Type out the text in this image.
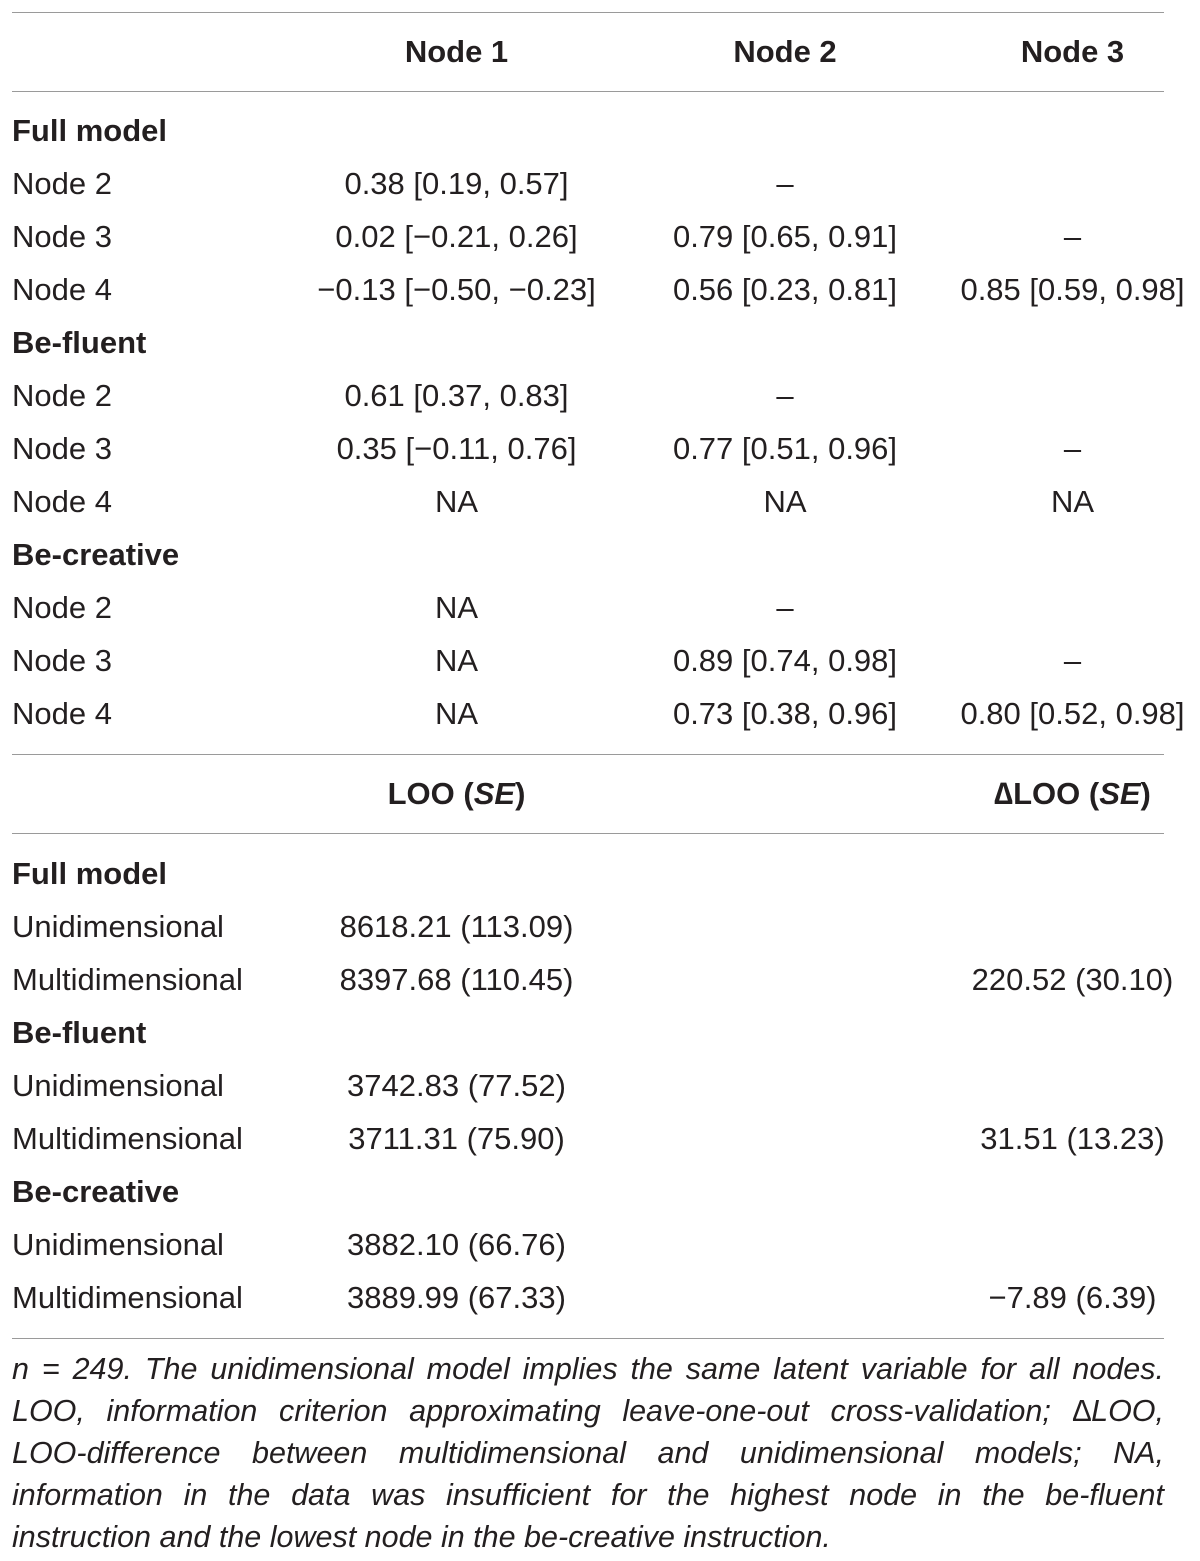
Node 1	Node 2	Node 3
Full model
Node 2	0.38 [0.19, 0.57]	–
Node 3	0.02 [−0.21, 0.26]	0.79 [0.65, 0.91]	–
Node 4	−0.13 [−0.50, −0.23]	0.56 [0.23, 0.81]	0.85 [0.59, 0.98]
Be-fluent
Node 2	0.61 [0.37, 0.83]	–
Node 3	0.35 [−0.11, 0.76]	0.77 [0.51, 0.96]	–
Node 4	NA	NA	NA
Be-creative
Node 2	NA	–
Node 3	NA	0.89 [0.74, 0.98]	–
Node 4	NA	0.73 [0.38, 0.96]	0.80 [0.52, 0.98]
LOO (SE)	∆LOO (SE)
Full model
Unidimensional	8618.21 (113.09)
Multidimensional	8397.68 (110.45)	220.52 (30.10)
Be-fluent
Unidimensional	3742.83 (77.52)
Multidimensional	3711.31 (75.90)	31.51 (13.23)
Be-creative
Unidimensional	3882.10 (66.76)
Multidimensional	3889.99 (67.33)	−7.89 (6.39)
n = 249. The unidimensional model implies the same latent variable for all nodes. LOO, information criterion approximating leave-one-out cross-validation; ∆LOO, LOO-difference between multidimensional and unidimensional models; NA, information in the data was insufficient for the highest node in the be-fluent instruction and the lowest node in the be-creative instruction.
